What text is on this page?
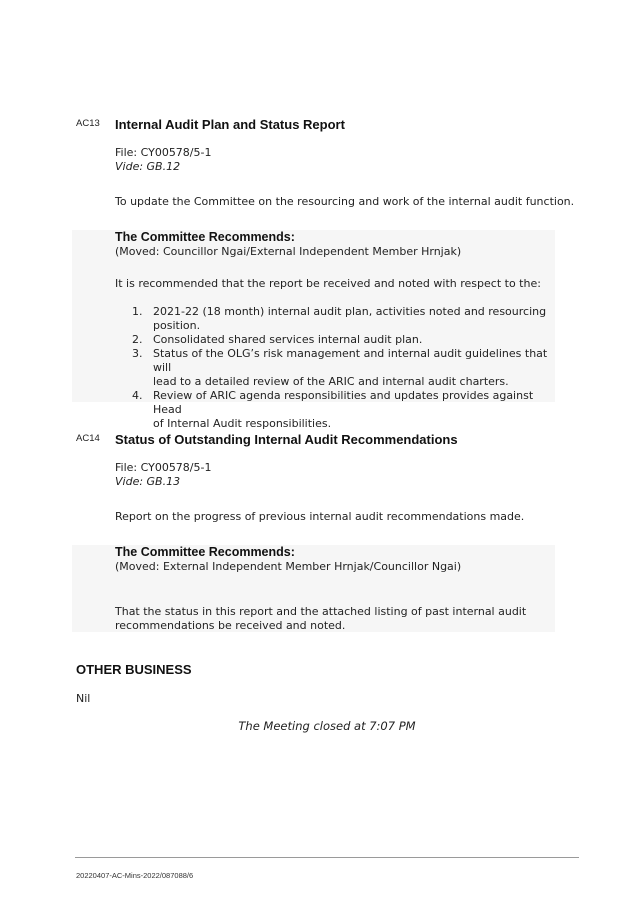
AC13 Internal Audit Plan and Status Report
File: CY00578/5-1
Vide: GB.12
To update the Committee on the resourcing and work of the internal audit function.
The Committee Recommends:
(Moved: Councillor Ngai/External Independent Member Hrnjak)
It is recommended that the report be received and noted with respect to the:
1. 2021-22 (18 month) internal audit plan, activities noted and resourcing
position.
2. Consolidated shared services internal audit plan.
3. Status of the OLG’s risk management and internal audit guidelines that will
lead to a detailed review of the ARIC and internal audit charters.
4. Review of ARIC agenda responsibilities and updates provides against Head
of Internal Audit responsibilities.
AC14 Status of Outstanding Internal Audit Recommendations
File: CY00578/5-1
Vide: GB.13
Report on the progress of previous internal audit recommendations made.
The Committee Recommends:
(Moved: External Independent Member Hrnjak/Councillor Ngai)
That the status in this report and the attached listing of past internal audit
recommendations be received and noted.
OTHER BUSINESS
Nil
The Meeting closed at 7:07 PM
20220407-AC-Mins-2022/087088/6
